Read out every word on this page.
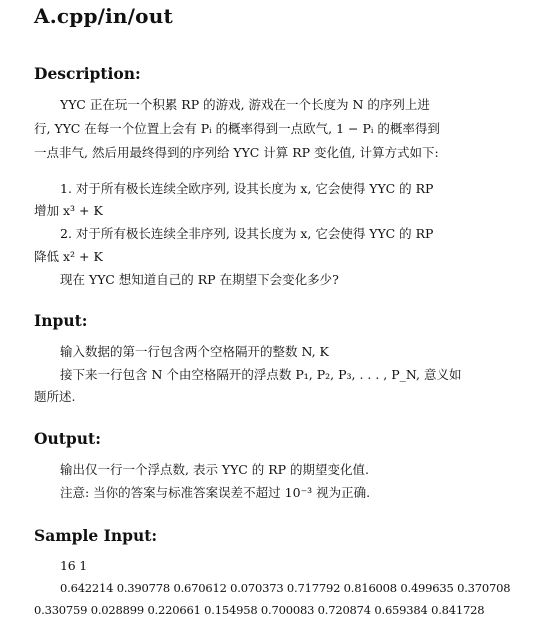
A.cpp/in/out
Description:
YYC 正在玩一个积累 RP 的游戏, 游戏在一个长度为 N 的序列上进
行, YYC 在每一个位置上会有 Pᵢ 的概率得到一点欧气, 1 − Pᵢ 的概率得到
一点非气, 然后用最终得到的序列给 YYC 计算 RP 变化值, 计算方式如下:
1. 对于所有极长连续全欧序列, 设其长度为 x, 它会使得 YYC 的 RP
增加 x³ + K
2. 对于所有极长连续全非序列, 设其长度为 x, 它会使得 YYC 的 RP
降低 x² + K
现在 YYC 想知道自己的 RP 在期望下会变化多少?
Input:
输入数据的第一行包含两个空格隔开的整数 N, K
接下来一行包含 N 个由空格隔开的浮点数 P₁, P₂, P₃, . . . , P_N, 意义如
题所述.
Output:
输出仅一行一个浮点数, 表示 YYC 的 RP 的期望变化值.
注意: 当你的答案与标准答案误差不超过 10⁻³ 视为正确.
Sample Input:
16 1
0.642214 0.390778 0.670612 0.070373 0.717792 0.816008 0.499635 0.370708
0.330759 0.028899 0.220661 0.154958 0.700083 0.720874 0.659384 0.841728
